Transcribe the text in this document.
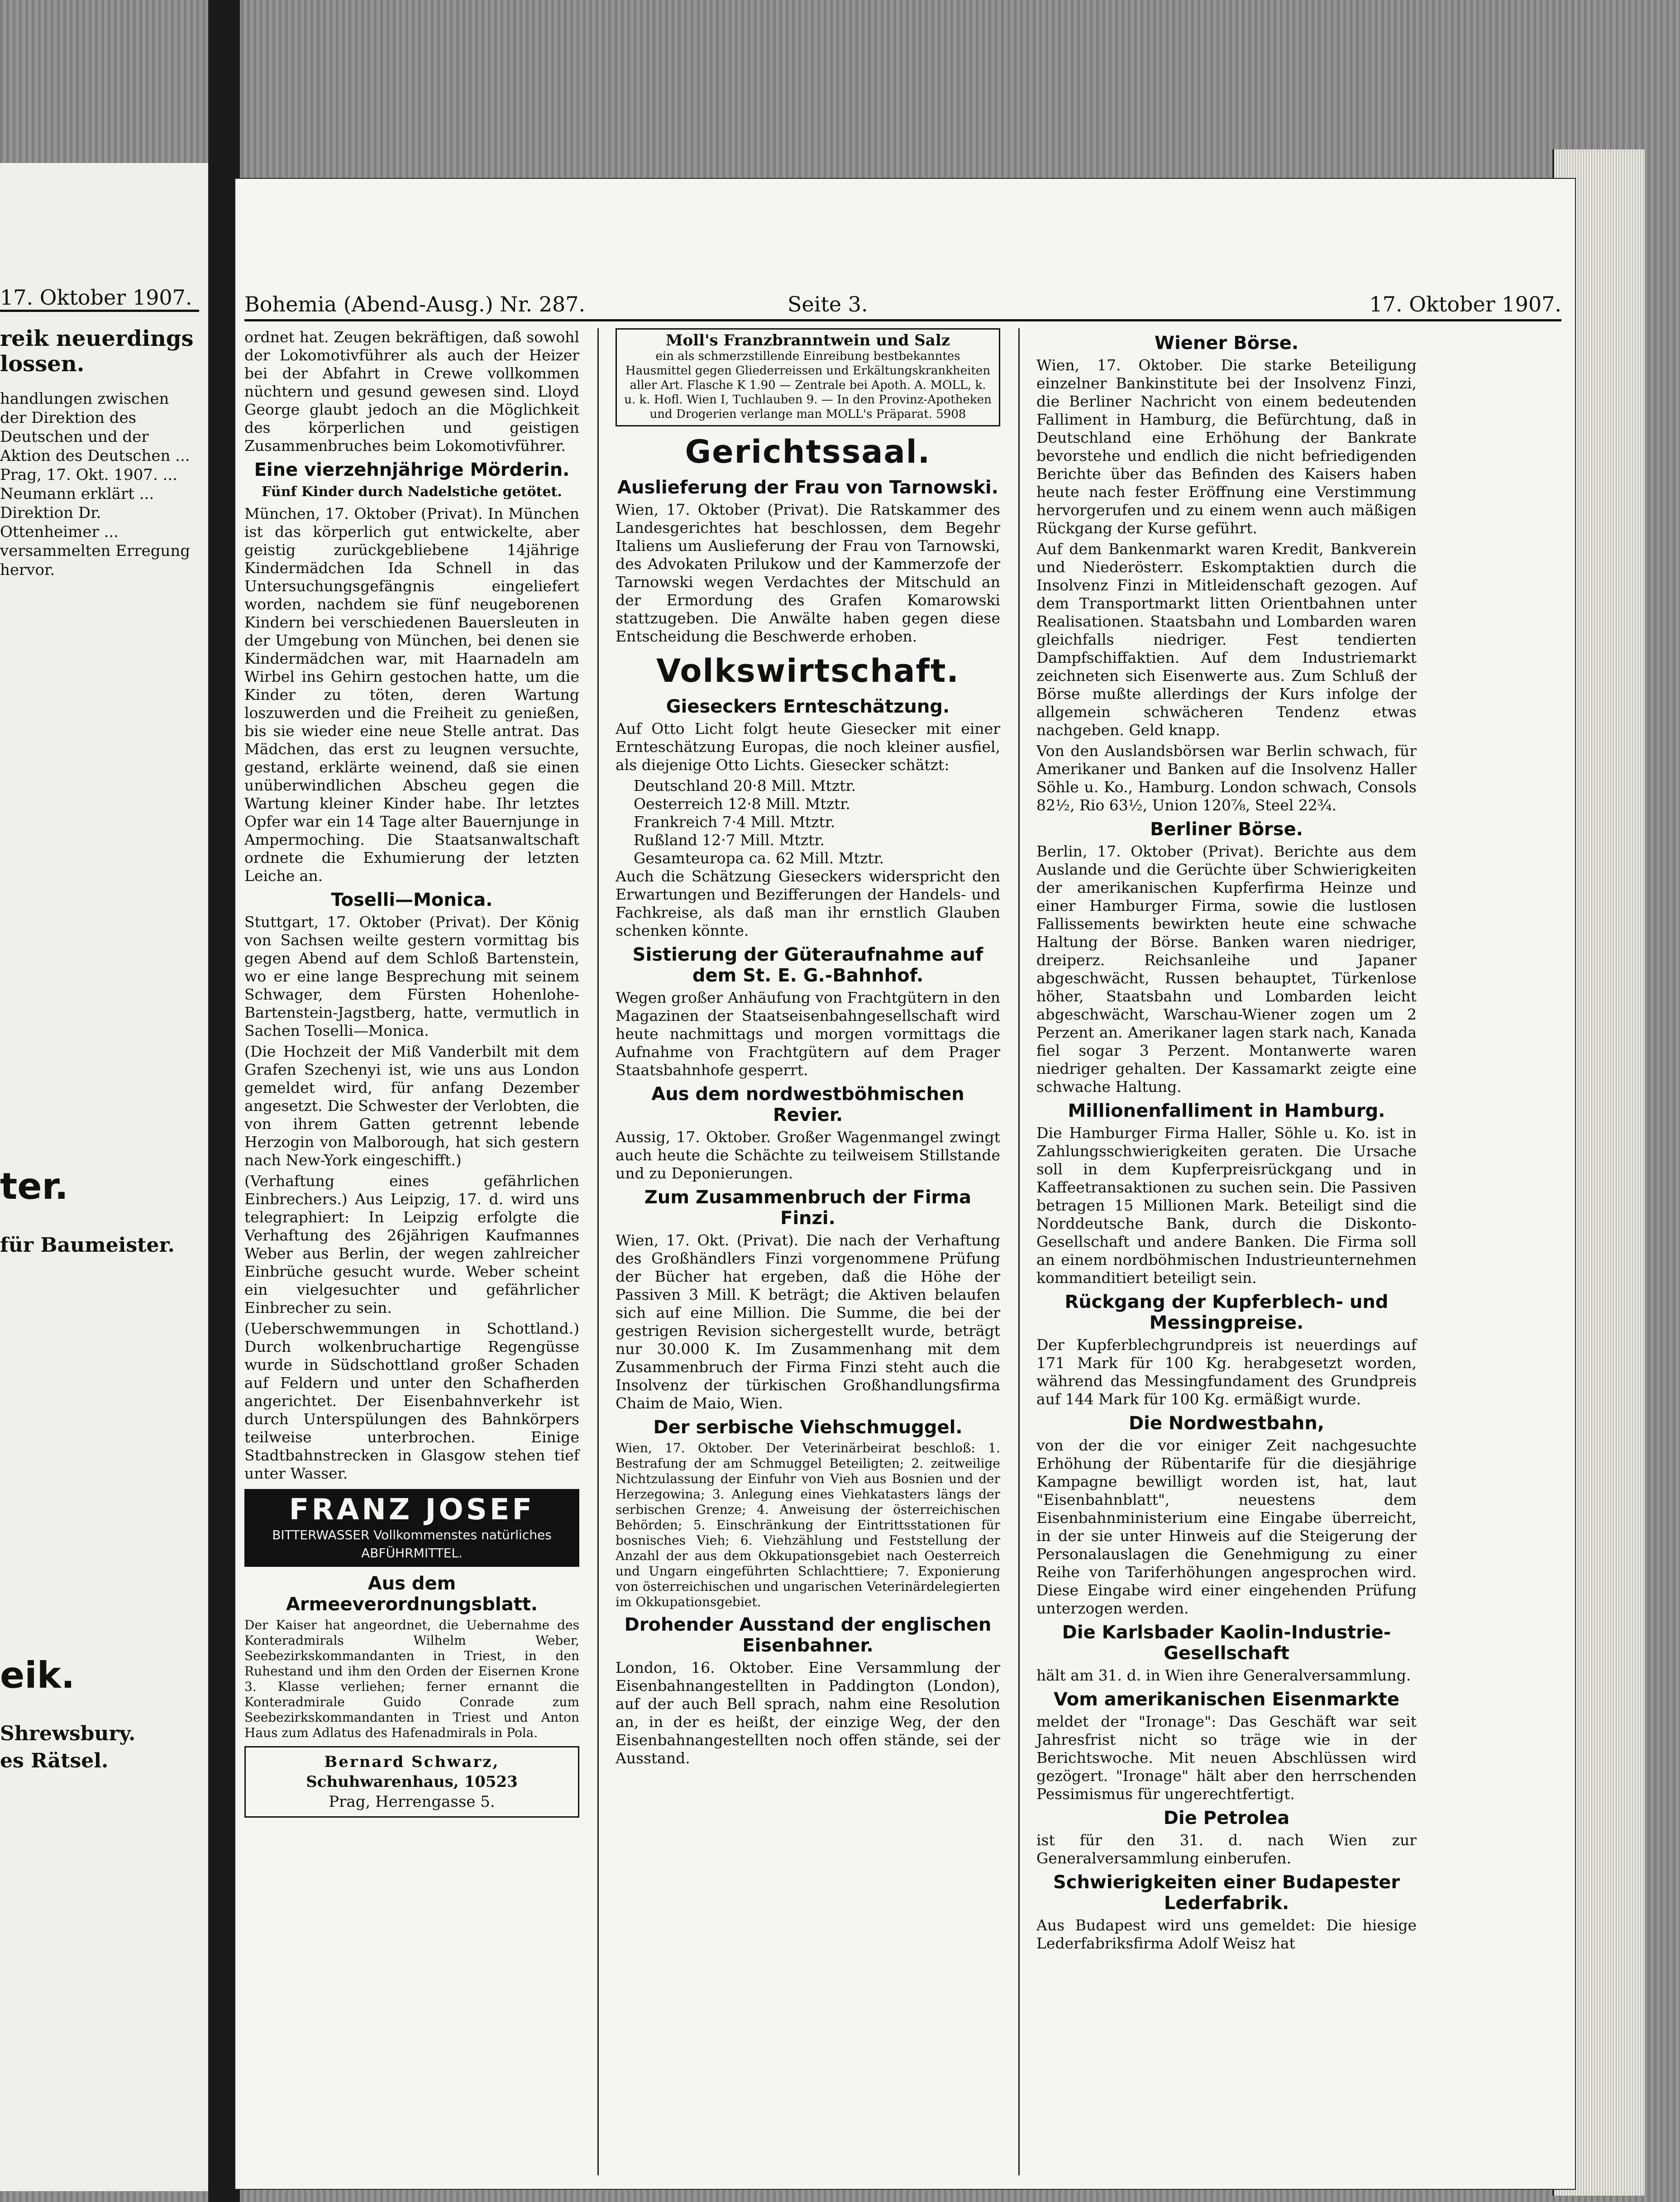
17. Oktober 1907.
reik neuerdings
lossen.
handlungen zwischen der Direktion des Deutschen und der Aktion des Deutschen ... Prag, 17. Okt. 1907. ... Neumann erklärt ... Direktion Dr. Ottenheimer ... versammelten Erregung hervor.
ter.
für Baumeister.
eik.
Shrewsbury.
es Rätsel.
Bohemia (Abend-Ausg.) Nr. 287.	Seite 3.	17. Oktober 1907.

ordnet hat. Zeugen bekräftigen, daß sowohl der Lokomotivführer als auch der Heizer bei der Abfahrt in Crewe vollkommen nüchtern und gesund gewesen sind. Lloyd George glaubt jedoch an die Möglichkeit des körperlichen und geistigen Zusammenbruches beim Lokomotivführer.

Eine vierzehnjährige Mörderin.
Fünf Kinder durch Nadelstiche getötet.

München, 17. Oktober (Privat). In München ist das körperlich gut entwickelte, aber geistig zurückgebliebene 14jährige Kindermädchen Ida Schnell in das Untersuchungsgefängnis eingeliefert worden, nachdem sie fünf neugeborenen Kindern bei verschiedenen Bauersleuten in der Umgebung von München, bei denen sie Kindermädchen war, mit Haarnadeln am Wirbel ins Gehirn gestochen hatte, um die Kinder zu töten, deren Wartung loszuwerden und die Freiheit zu genießen, bis sie wieder eine neue Stelle antrat. Das Mädchen, das erst zu leugnen versuchte, gestand, erklärte weinend, daß sie einen unüberwindlichen Abscheu gegen die Wartung kleiner Kinder habe. Ihr letztes Opfer war ein 14 Tage alter Bauernjunge in Ampermoching. Die Staatsanwaltschaft ordnete die Exhumierung der letzten Leiche an.

Toselli—Monica.

Stuttgart, 17. Oktober (Privat). Der König von Sachsen weilte gestern vormittag bis gegen Abend auf dem Schloß Bartenstein, wo er eine lange Besprechung mit seinem Schwager, dem Fürsten Hohenlohe-Bartenstein-Jagstberg, hatte, vermutlich in Sachen Toselli—Monica.

(Die Hochzeit der Miß Vanderbilt mit dem Grafen Szechenyi ist, wie uns aus London gemeldet wird, für anfang Dezember angesetzt. Die Schwester der Verlobten, die von ihrem Gatten getrennt lebende Herzogin von Malborough, hat sich gestern nach New-York eingeschifft.)

(Verhaftung eines gefährlichen Einbrechers.) Aus Leipzig, 17. d. wird uns telegraphiert: In Leipzig erfolgte die Verhaftung des 26jährigen Kaufmannes Weber aus Berlin, der wegen zahlreicher Einbrüche gesucht wurde. Weber scheint ein vielgesuchter und gefährlicher Einbrecher zu sein.

(Ueberschwemmungen in Schottland.) Durch wolkenbruchartige Regengüsse wurde in Südschottland großer Schaden auf Feldern und unter den Schafherden angerichtet. Der Eisenbahnverkehr ist durch Unterspülungen des Bahnkörpers teilweise unterbrochen. Einige Stadtbahnstrecken in Glasgow stehen tief unter Wasser.

FRANZ JOSEF
BITTERWASSER Vollkommenstes natürliches ABFÜHRMITTEL.
Aus dem Armeeverordnungsblatt.

Der Kaiser hat angeordnet, die Uebernahme des Konteradmirals Wilhelm Weber, Seebezirkskommandanten in Triest, in den Ruhestand und ihm den Orden der Eisernen Krone 3. Klasse verliehen; ferner ernannt die Konteradmirale Guido Conrade zum Seebezirkskommandanten in Triest und Anton Haus zum Adlatus des Hafenadmirals in Pola.

Bernard Schwarz,
Schuhwarenhaus, 10523
Prag, Herrengasse 5.
Moll's Franzbranntwein und Salz
ein als schmerzstillende Einreibung bestbekanntes Hausmittel gegen Gliederreissen und Erkältungskrankheiten aller Art. Flasche K 1.90 — Zentrale bei Apoth. A. MOLL, k. u. k. Hofl. Wien I, Tuchlauben 9. — In den Provinz-Apotheken und Drogerien verlange man MOLL's Präparat. 5908
Gerichtssaal.
Auslieferung der Frau von Tarnowski.

Wien, 17. Oktober (Privat). Die Ratskammer des Landesgerichtes hat beschlossen, dem Begehr Italiens um Auslieferung der Frau von Tarnowski, des Advokaten Prilukow und der Kammerzofe der Tarnowski wegen Verdachtes der Mitschuld an der Ermordung des Grafen Komarowski stattzugeben. Die Anwälte haben gegen diese Entscheidung die Beschwerde erhoben.

Volkswirtschaft.
Gieseckers Ernteschätzung.

Auf Otto Licht folgt heute Giesecker mit einer Ernteschätzung Europas, die noch kleiner ausfiel, als diejenige Otto Lichts. Giesecker schätzt:

Deutschland 20·8 Mill. Mtztr.
Oesterreich 12·8 Mill. Mtztr.
Frankreich 7·4 Mill. Mtztr.
Rußland 12·7 Mill. Mtztr.
Gesamteuropa ca. 62 Mill. Mtztr.

Auch die Schätzung Gieseckers widerspricht den Erwartungen und Bezifferungen der Handels- und Fachkreise, als daß man ihr ernstlich Glauben schenken könnte.

Sistierung der Güteraufnahme auf dem St. E. G.-Bahnhof.

Wegen großer Anhäufung von Frachtgütern in den Magazinen der Staatseisenbahngesellschaft wird heute nachmittags und morgen vormittags die Aufnahme von Frachtgütern auf dem Prager Staatsbahnhofe gesperrt.

Aus dem nordwestböhmischen Revier.

Aussig, 17. Oktober. Großer Wagenmangel zwingt auch heute die Schächte zu teilweisem Stillstande und zu Deponierungen.

Zum Zusammenbruch der Firma Finzi.

Wien, 17. Okt. (Privat). Die nach der Verhaftung des Großhändlers Finzi vorgenommene Prüfung der Bücher hat ergeben, daß die Höhe der Passiven 3 Mill. K beträgt; die Aktiven belaufen sich auf eine Million. Die Summe, die bei der gestrigen Revision sichergestellt wurde, beträgt nur 30.000 K. Im Zusammenhang mit dem Zusammenbruch der Firma Finzi steht auch die Insolvenz der türkischen Großhandlungsfirma Chaim de Maio, Wien.

Der serbische Viehschmuggel.

Wien, 17. Oktober. Der Veterinärbeirat beschloß: 1. Bestrafung der am Schmuggel Beteiligten; 2. zeitweilige Nichtzulassung der Einfuhr von Vieh aus Bosnien und der Herzegowina; 3. Anlegung eines Viehkatasters längs der serbischen Grenze; 4. Anweisung der österreichischen Behörden; 5. Einschränkung der Eintrittsstationen für bosnisches Vieh; 6. Viehzählung und Feststellung der Anzahl der aus dem Okkupationsgebiet nach Oesterreich und Ungarn eingeführten Schlachttiere; 7. Exponierung von österreichischen und ungarischen Veterinärdelegierten im Okkupationsgebiet.

Drohender Ausstand der englischen Eisenbahner.

London, 16. Oktober. Eine Versammlung der Eisenbahnangestellten in Paddington (London), auf der auch Bell sprach, nahm eine Resolution an, in der es heißt, der einzige Weg, der den Eisenbahnangestellten noch offen stände, sei der Ausstand.

Wiener Börse.

Wien, 17. Oktober. Die starke Beteiligung einzelner Bankinstitute bei der Insolvenz Finzi, die Berliner Nachricht von einem bedeutenden Falliment in Hamburg, die Befürchtung, daß in Deutschland eine Erhöhung der Bankrate bevorstehe und endlich die nicht befriedigenden Berichte über das Befinden des Kaisers haben heute nach fester Eröffnung eine Verstimmung hervorgerufen und zu einem wenn auch mäßigen Rückgang der Kurse geführt.

Auf dem Bankenmarkt waren Kredit, Bankverein und Niederösterr. Eskomptaktien durch die Insolvenz Finzi in Mitleidenschaft gezogen. Auf dem Transportmarkt litten Orientbahnen unter Realisationen. Staatsbahn und Lombarden waren gleichfalls niedriger. Fest tendierten Dampfschiffaktien. Auf dem Industriemarkt zeichneten sich Eisenwerte aus. Zum Schluß der Börse mußte allerdings der Kurs infolge der allgemein schwächeren Tendenz etwas nachgeben. Geld knapp.

Von den Auslandsbörsen war Berlin schwach, für Amerikaner und Banken auf die Insolvenz Haller Söhle u. Ko., Hamburg. London schwach, Consols 82½, Rio 63½, Union 120⅞, Steel 22¾.

Berliner Börse.

Berlin, 17. Oktober (Privat). Berichte aus dem Auslande und die Gerüchte über Schwierigkeiten der amerikanischen Kupferfirma Heinze und einer Hamburger Firma, sowie die lustlosen Fallissements bewirkten heute eine schwache Haltung der Börse. Banken waren niedriger, dreiperz. Reichsanleihe und Japaner abgeschwächt, Russen behauptet, Türkenlose höher, Staatsbahn und Lombarden leicht abgeschwächt, Warschau-Wiener zogen um 2 Perzent an. Amerikaner lagen stark nach, Kanada fiel sogar 3 Perzent. Montanwerte waren niedriger gehalten. Der Kassamarkt zeigte eine schwache Haltung.

Millionenfalliment in Hamburg.

Die Hamburger Firma Haller, Söhle u. Ko. ist in Zahlungsschwierigkeiten geraten. Die Ursache soll in dem Kupferpreisrückgang und in Kaffeetransaktionen zu suchen sein. Die Passiven betragen 15 Millionen Mark. Beteiligt sind die Norddeutsche Bank, durch die Diskonto-Gesellschaft und andere Banken. Die Firma soll an einem nordböhmischen Industrieunternehmen kommanditiert beteiligt sein.

Rückgang der Kupferblech- und Messingpreise.

Der Kupferblechgrundpreis ist neuerdings auf 171 Mark für 100 Kg. herabgesetzt worden, während das Messingfundament des Grundpreis auf 144 Mark für 100 Kg. ermäßigt wurde.

Die Nordwestbahn,

von der die vor einiger Zeit nachgesuchte Erhöhung der Rübentarife für die diesjährige Kampagne bewilligt worden ist, hat, laut "Eisenbahnblatt", neuestens dem Eisenbahnministerium eine Eingabe überreicht, in der sie unter Hinweis auf die Steigerung der Personalauslagen die Genehmigung zu einer Reihe von Tariferhöhungen angesprochen wird. Diese Eingabe wird einer eingehenden Prüfung unterzogen werden.

Die Karlsbader Kaolin-Industrie-Gesellschaft

hält am 31. d. in Wien ihre Generalversammlung.

Vom amerikanischen Eisenmarkte

meldet der "Ironage": Das Geschäft war seit Jahresfrist nicht so träge wie in der Berichtswoche. Mit neuen Abschlüssen wird gezögert. "Ironage" hält aber den herrschenden Pessimismus für ungerechtfertigt.

Die Petrolea

ist für den 31. d. nach Wien zur Generalversammlung einberufen.

Schwierigkeiten einer Budapester Lederfabrik.

Aus Budapest wird uns gemeldet: Die hiesige Lederfabriksfirma Adolf Weisz hat
